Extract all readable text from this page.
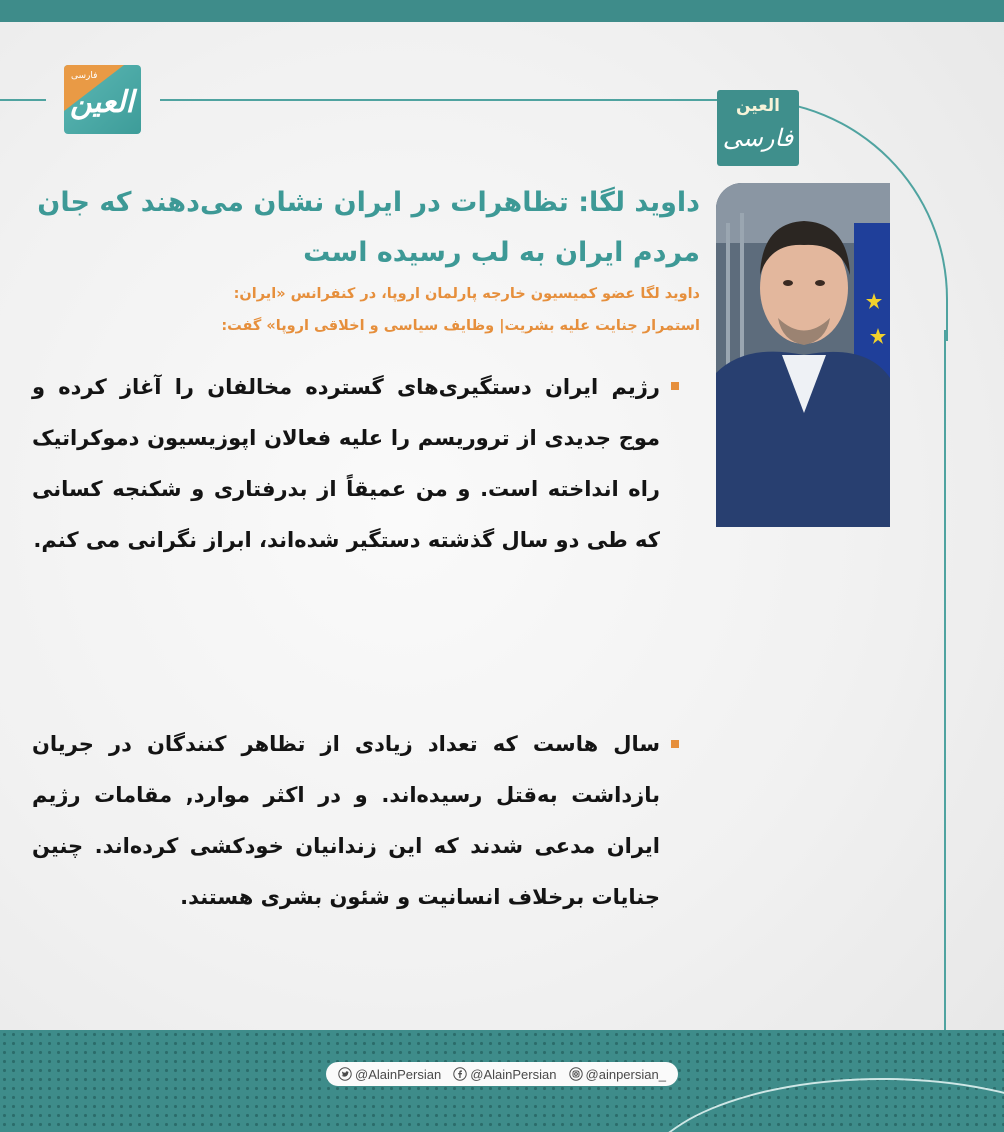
فارسی
العين	العين
فارسی
داوید لگا: تظاهرات در ایران نشان می‌دهند که جان مردم ایران به لب رسیده است

داوید لگا عضو کمیسیون خارجه پارلمان اروپا، در کنفرانس «ایران: استمرار جنایت علیه بشریت| وظایف سیاسی و اخلاقی اروپا» گفت:

رژیم ایران دستگیری‌های گسترده مخالفان را آغاز کرده و موج جدیدی از تروریسم را علیه فعالان اپوزیسیون دموکراتیک راه انداخته است. و من عمیقاً از بدرفتاری و شکنجه کسانی که طی دو سال گذشته دستگیر شده‌اند، ابراز نگرانی می کنم.

سال هاست که تعداد زیادی از تظاهر کنندگان در جریان بازداشت به‌قتل رسیده‌اند. و در اکثر موارد, مقامات رژیم ایران مدعی شدند که این زندانیان خودکشی کرده‌اند. چنین جنایات برخلاف انسانیت و شئون بشری هستند.

@AlainPersian @AlainPersian @ainpersian_
